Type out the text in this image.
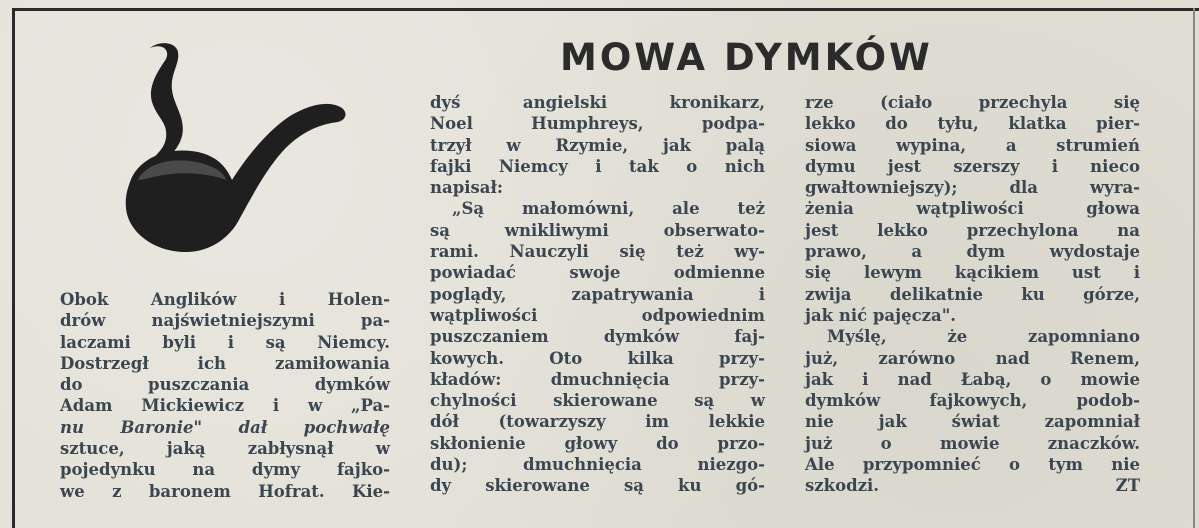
MOWA DYMKÓW
Obok Anglików i Holen-
drów najświetniejszymi pa-
laczami byli i są Niemcy.
Dostrzegł ich zamiłowania
do puszczania dymków
Adam Mickiewicz i w „Pa-
nu Baronie" dał pochwałę
sztuce, jaką zabłysnął w
pojedynku na dymy fajko-
we z baronem Hofrat. Kie-
dyś angielski kronikarz,
Noel Humphreys, podpa-
trzył w Rzymie, jak palą
fajki Niemcy i tak o nich
napisał:
„Są małomówni, ale też
są wnikliwymi obserwato-
rami. Nauczyli się też wy-
powiadać swoje odmienne
poglądy, zapatrywania i
wątpliwości odpowiednim
puszczaniem dymków faj-
kowych. Oto kilka przy-
kładów: dmuchnięcia przy-
chylności skierowane są w
dół (towarzyszy im lekkie
skłonienie głowy do przo-
du); dmuchnięcia niezgo-
dy skierowane są ku gó-
rze (ciało przechyla się
lekko do tyłu, klatka pier-
siowa wypina, a strumień
dymu jest szerszy i nieco
gwałtowniejszy); dla wyra-
żenia wątpliwości głowa
jest lekko przechylona na
prawo, a dym wydostaje
się lewym kącikiem ust i
zwija delikatnie ku górze,
jak nić pajęcza".
Myślę, że zapomniano
już, zarówno nad Renem,
jak i nad Łabą, o mowie
dymków fajkowych, podob-
nie jak świat zapomniał
już o mowie znaczków.
Ale przypomnieć o tym nie
szkodzi.	ZT
